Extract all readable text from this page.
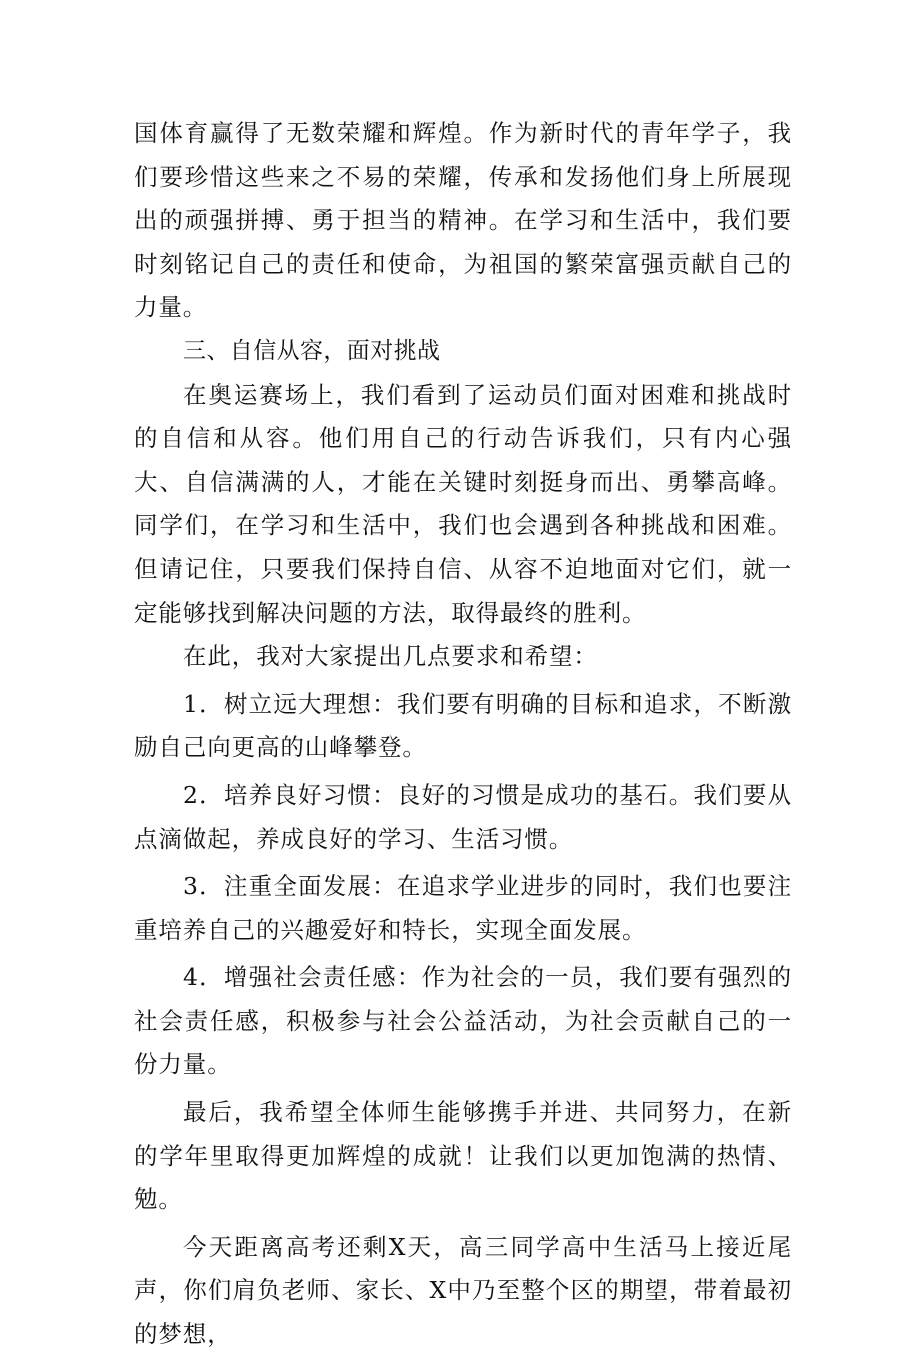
国体育赢得了无数荣耀和辉煌。作为新时代的青年学子，我们要珍惜这些来之不易的荣耀，传承和发扬他们身上所展现出的顽强拼搏、勇于担当的精神。在学习和生活中，我们要时刻铭记自己的责任和使命，为祖国的繁荣富强贡献自己的力量。

三、自信从容，面对挑战

在奥运赛场上，我们看到了运动员们面对困难和挑战时的自信和从容。他们用自己的行动告诉我们，只有内心强大、自信满满的人，才能在关键时刻挺身而出、勇攀高峰。同学们，在学习和生活中，我们也会遇到各种挑战和困难。但请记住，只要我们保持自信、从容不迫地面对它们，就一定能够找到解决问题的方法，取得最终的胜利。

在此，我对大家提出几点要求和希望：

1．树立远大理想：我们要有明确的目标和追求，不断激励自己向更高的山峰攀登。

2．培养良好习惯：良好的习惯是成功的基石。我们要从点滴做起，养成良好的学习、生活习惯。

3．注重全面发展：在追求学业进步的同时，我们也要注重培养自己的兴趣爱好和特长，实现全面发展。

4．增强社会责任感：作为社会的一员，我们要有强烈的社会责任感，积极参与社会公益活动，为社会贡献自己的一份力量。

最后，我希望全体师生能够携手并进、共同努力，在新的学年里取得更加辉煌的成就！让我们以更加饱满的热情、勉。

今天距离高考还剩X天，高三同学高中生活马上接近尾声，你们肩负老师、家长、X中乃至整个区的期望，带着最初的梦想，
